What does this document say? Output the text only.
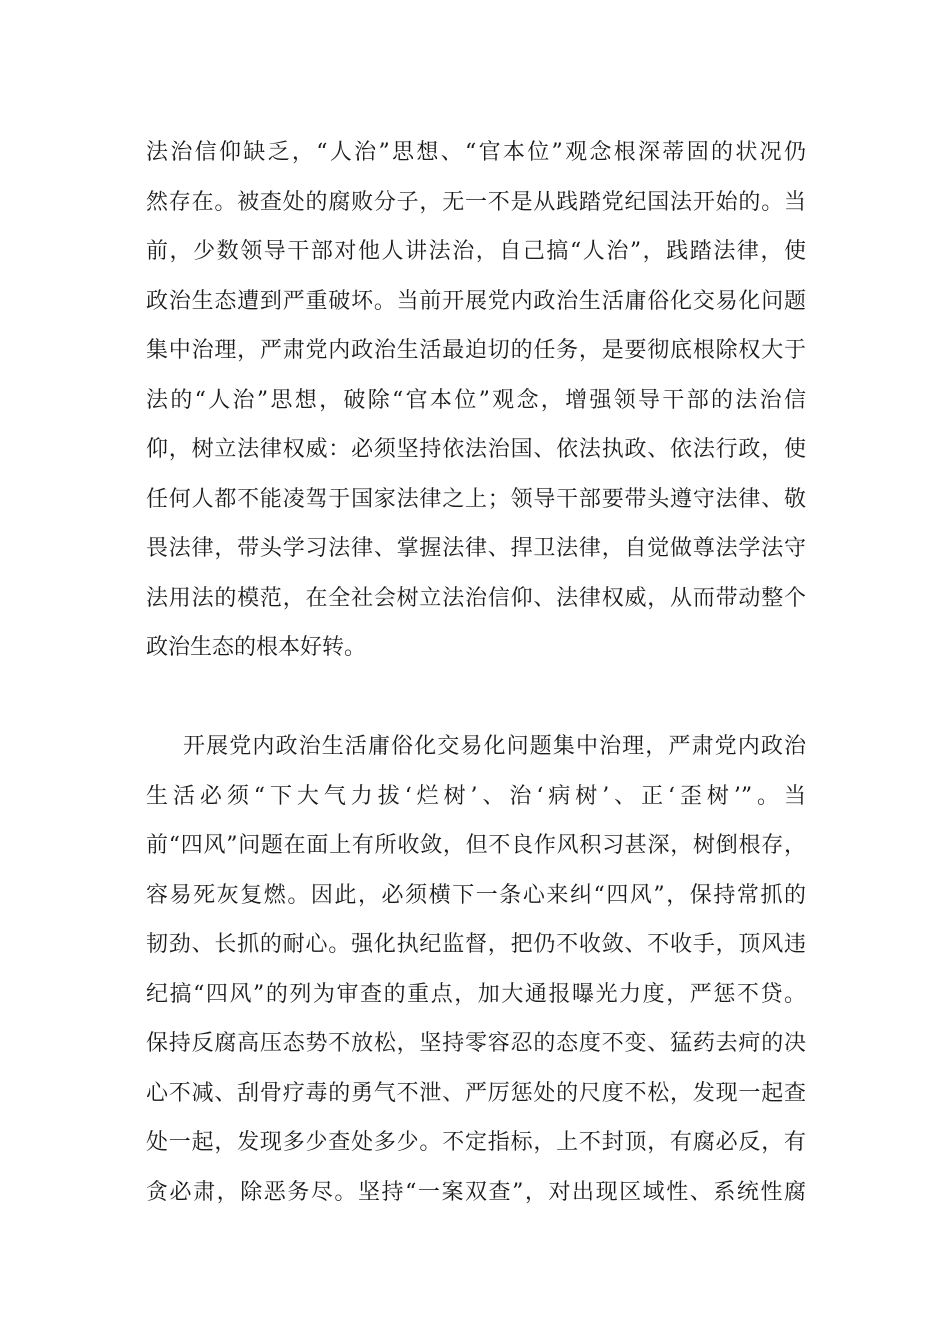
法治信仰缺乏，“人治”思想、“官本位”观念根深蒂固的状况仍
然存在。被查处的腐败分子，无一不是从践踏党纪国法开始的。当
前，少数领导干部对他人讲法治，自己搞“人治”，践踏法律，使
政治生态遭到严重破坏。当前开展党内政治生活庸俗化交易化问题
集中治理，严肃党内政治生活最迫切的任务，是要彻底根除权大于
法的“人治”思想，破除“官本位”观念，增强领导干部的法治信
仰，树立法律权威：必须坚持依法治国、依法执政、依法行政，使
任何人都不能凌驾于国家法律之上；领导干部要带头遵守法律、敬
畏法律，带头学习法律、掌握法律、捍卫法律，自觉做尊法学法守
法用法的模范，在全社会树立法治信仰、法律权威，从而带动整个
政治生态的根本好转。
开展党内政治生活庸俗化交易化问题集中治理，严肃党内政治
生活必须“下大气力拔‘烂树’、治‘病树’、正‘歪树’”。当
前“四风”问题在面上有所收敛，但不良作风积习甚深，树倒根存，
容易死灰复燃。因此，必须横下一条心来纠“四风”，保持常抓的
韧劲、长抓的耐心。强化执纪监督，把仍不收敛、不收手，顶风违
纪搞“四风”的列为审查的重点，加大通报曝光力度，严惩不贷。
保持反腐高压态势不放松，坚持零容忍的态度不变、猛药去疴的决
心不减、刮骨疗毒的勇气不泄、严厉惩处的尺度不松，发现一起查
处一起，发现多少查处多少。不定指标，上不封顶，有腐必反，有
贪必肃，除恶务尽。坚持“一案双查”，对出现区域性、系统性腐
